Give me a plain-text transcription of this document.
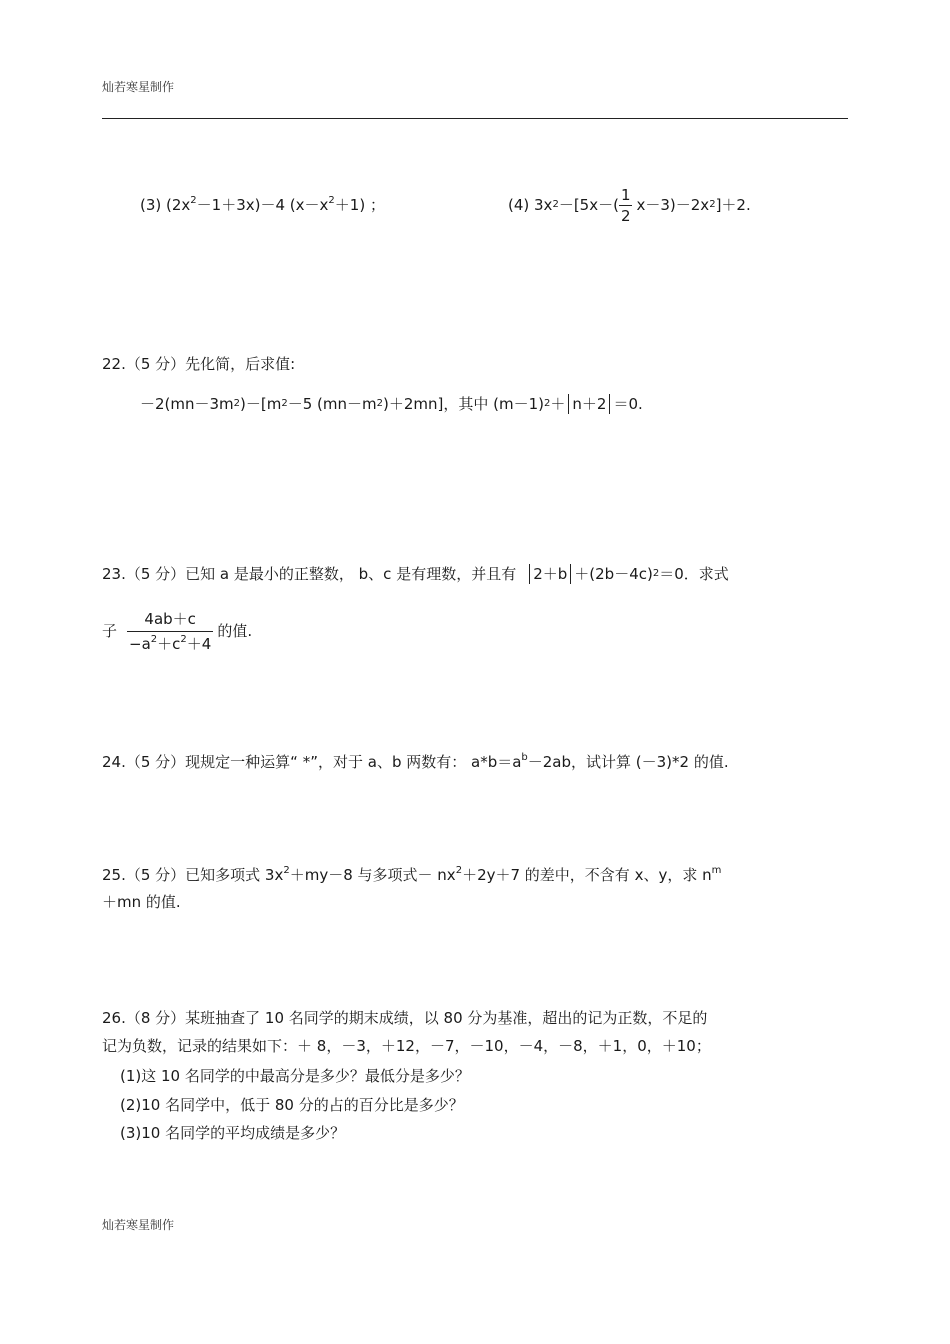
灿若寒星制作
(3) $(2x^2-1+3x)-4$ $(x-x^2+1)$ ；	(4) 3x $2 -[5x-( \frac{1}{2} x-3)-2x$ 2 ]＋2.
22.（5 分）先化简，后求值:
－2(mn－3m 2 )－[m 2 －5 (mn－m 2 )＋2mn]，其中 (m－1) 2 ＋ n＋2 ＝0.
23.（5 分）已知 a 是最小的正整数， b、c 是有理数，并且有 2＋b ＋(2b－4c) 2 ＝0．求式
子 $\frac{4ab+c}{-a^2+c^2+4}$ 的值.
24.（5 分）现规定一种运算“ *”，对于 a、b 两数有： $a*b=a^b-2ab$，试计算 (－3)*2 的值.
25.（5 分）已知多项式 $3x^2+my-8$ 与多项式－ $nx^2+2y+7$ 的差中，不含有 x、y，求 $n^m$
＋mn 的值.
26.（8 分）某班抽查了 10 名同学的期末成绩，以 80 分为基准，超出的记为正数，不足的
记为负数，记录的结果如下：＋ 8，－3，＋12，－7，－10，－4，－8，＋1，0，＋10；
(1)这 10 名同学的中最高分是多少？最低分是多少？
(2)10 名同学中，低于 80 分的占的百分比是多少？
(3)10 名同学的平均成绩是多少？
灿若寒星制作
